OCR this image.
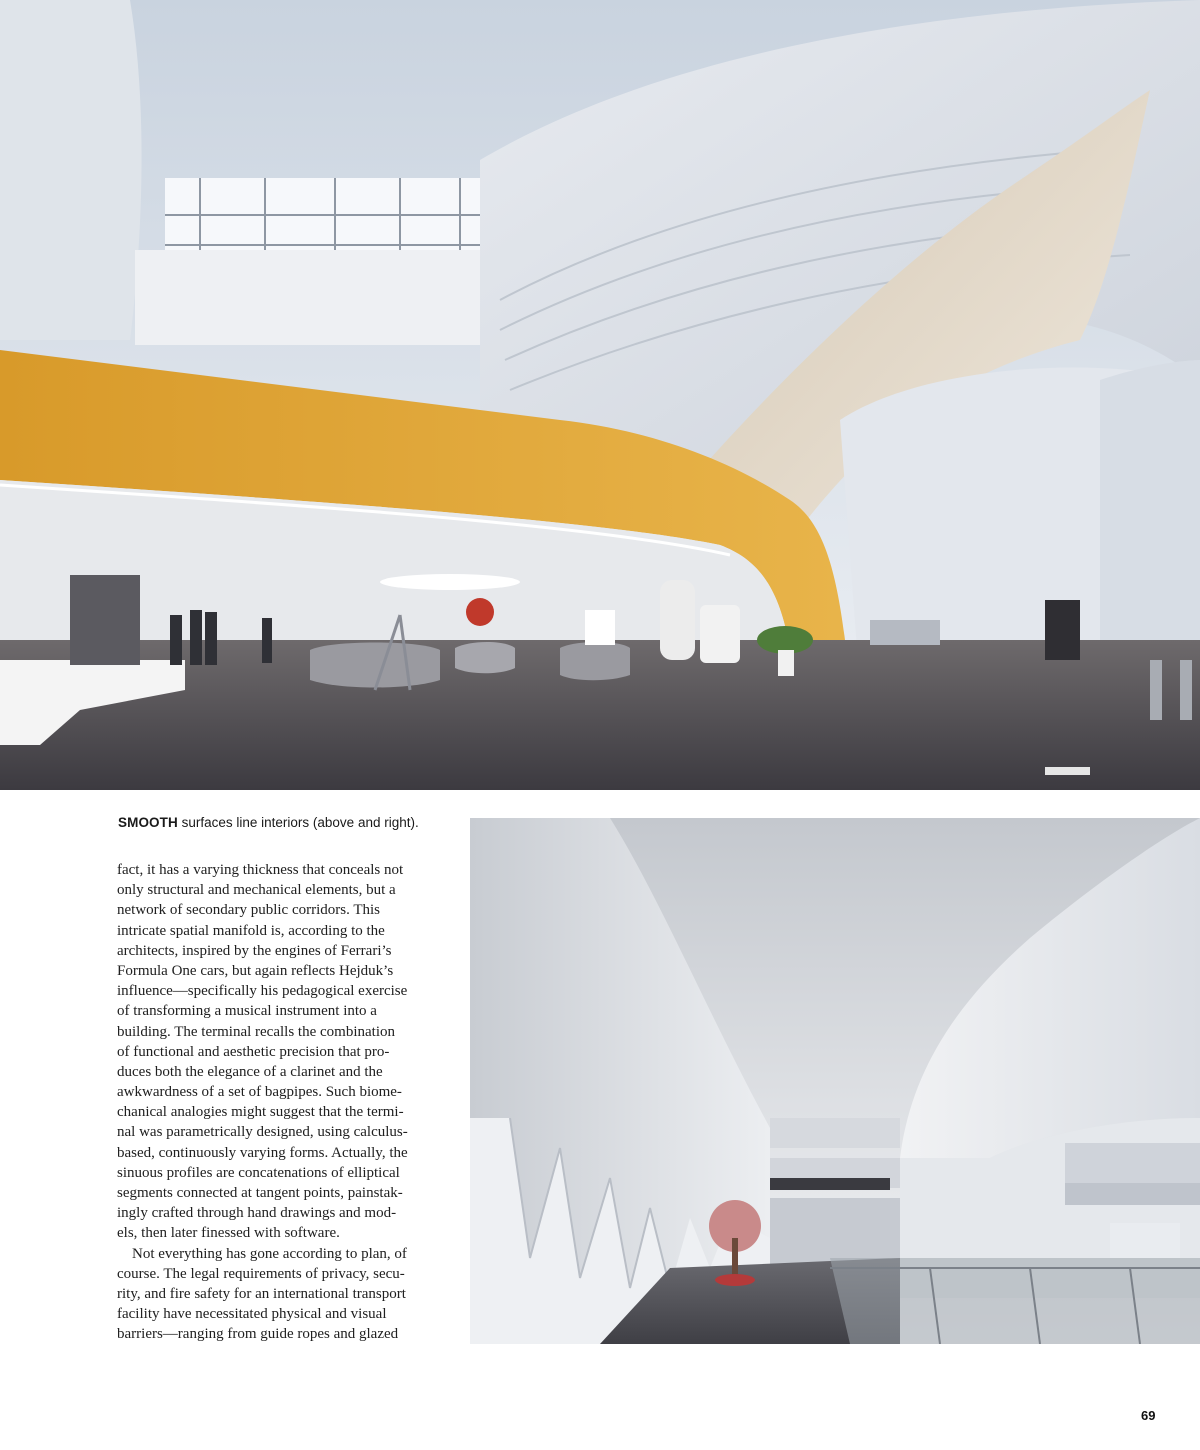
SMOOTH surfaces line interiors (above and right).
fact, it has a varying thickness that conceals not
only structural and mechanical elements, but a
network of secondary public corridors. This
intricate spatial manifold is, according to the
architects, inspired by the engines of Ferrari’s
Formula One cars, but again reflects Hejduk’s
influence—specifically his pedagogical exercise
of transforming a musical instrument into a
building. The terminal recalls the combination
of functional and aesthetic precision that pro-
duces both the elegance of a clarinet and the
awkwardness of a set of bagpipes. Such biome-
chanical analogies might suggest that the termi-
nal was parametrically designed, using calculus-
based, continuously varying forms. Actually, the
sinuous profiles are concatenations of elliptical
segments connected at tangent points, painstak-
ingly crafted through hand drawings and mod-
els, then later finessed with software.
Not everything has gone according to plan, of
course. The legal requirements of privacy, secu-
rity, and fire safety for an international transport
facility have necessitated physical and visual
barriers—ranging from guide ropes and glazed
69
